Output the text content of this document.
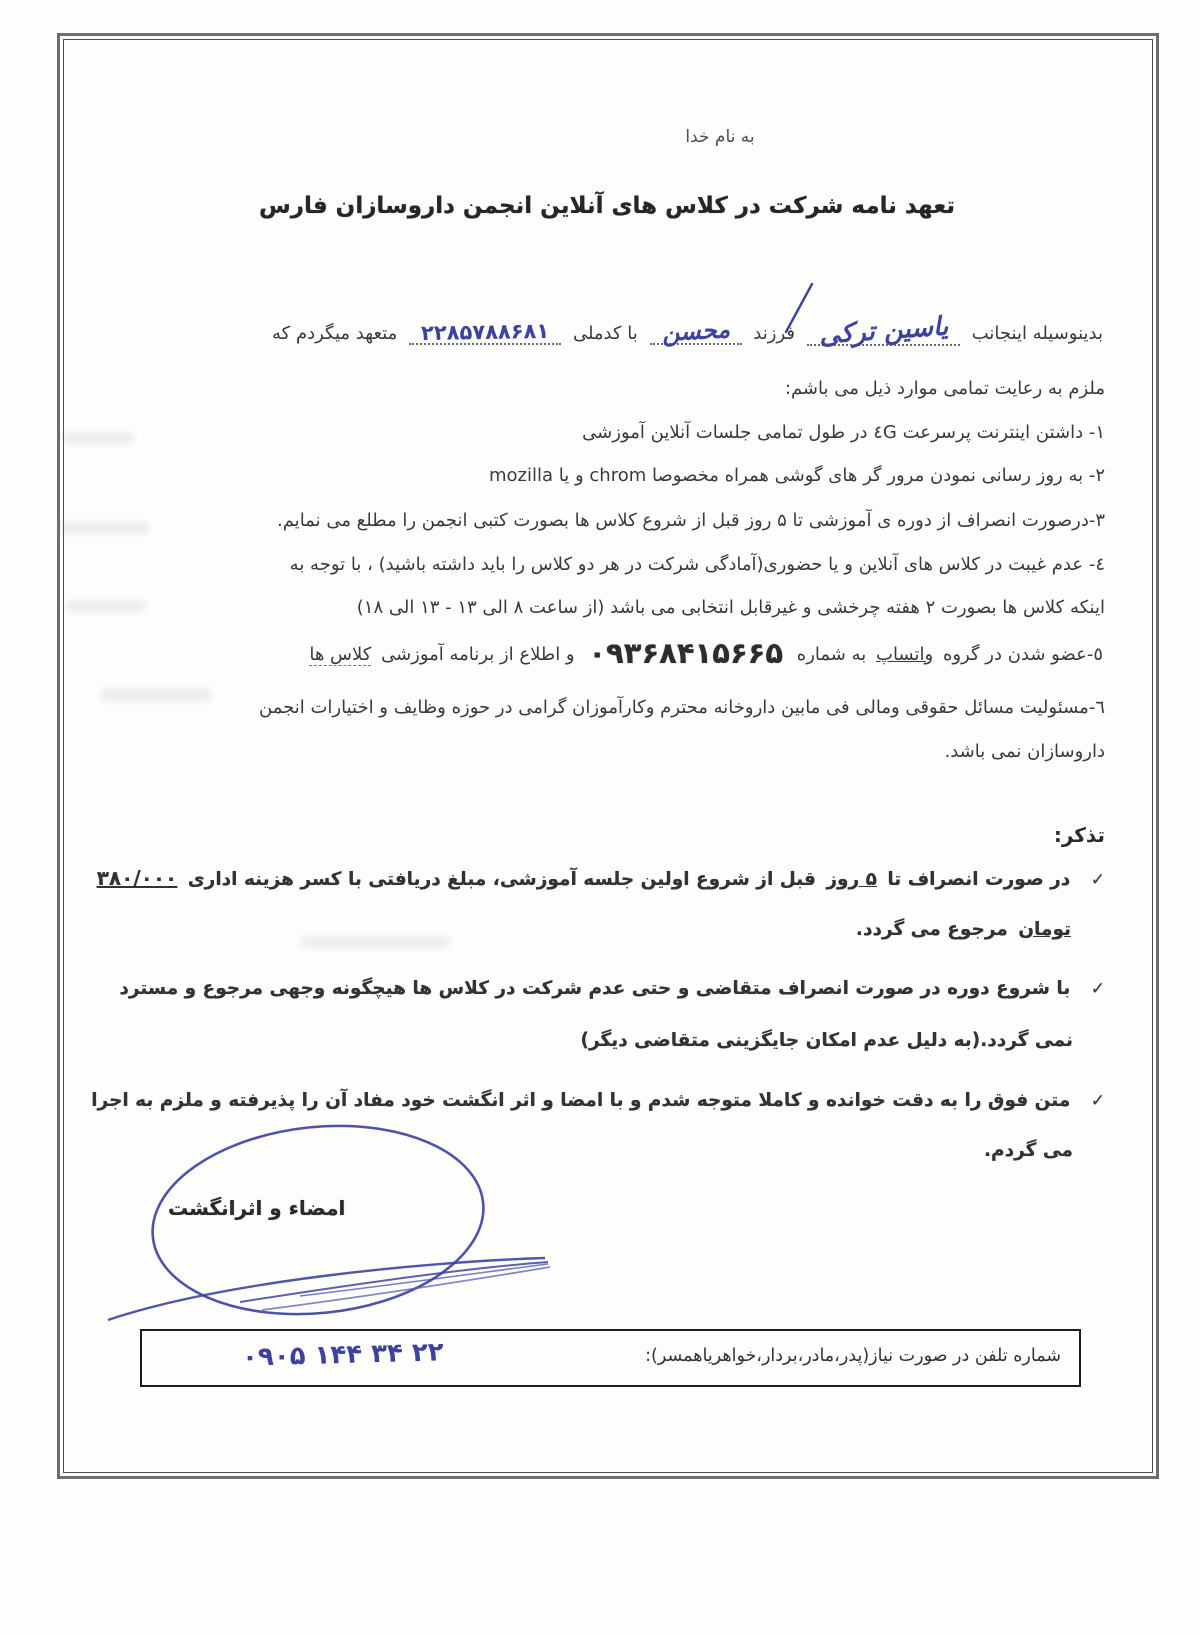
به نام خدا
تعهد نامه شرکت در کلاس های آنلاین انجمن داروسازان فارس
بدینوسیله اینجانب یاسین ترکی فرزند محسن با کدملی ۲۲۸۵۷۸۸۶۸۱ متعهد میگردم که
ملزم به رعایت تمامی موارد ذیل می باشم:
۱- داشتن اینترنت پرسرعت ٤G در طول تمامی جلسات آنلاین آموزشی
۲- به روز رسانی نمودن مرور گر های گوشی همراه مخصوصا chrom و یا mozilla
۳-درصورت انصراف از دوره ی آموزشی تا ۵ روز قبل از شروع کلاس ها بصورت کتبی انجمن را مطلع می نمایم.
٤- عدم غیبت در کلاس های آنلاین و یا حضوری(آمادگی شرکت در هر دو کلاس را باید داشته باشید) ، با توجه به
اینکه کلاس ها بصورت ۲ هفته چرخشی و غیرقابل انتخابی می باشد (از ساعت ۸ الی ۱۳ - ۱۳ الی ۱۸)
٥-عضو شدن در گروه واتساپ به شماره ۰۹۳۶۸۴۱۵۶۶۵ و اطلاع از برنامه آموزشی کلاس ها
٦-مسئولیت مسائل حقوقی ومالی فی مابین داروخانه محترم وکارآموزان گرامی در حوزه وظایف و اختیارات انجمن
داروسازان نمی باشد.
تذکر:
✓ در صورت انصراف تا ۵ روز قبل از شروع اولین جلسه آموزشی، مبلغ دریافتی با کسر هزینه اداری ۳۸۰/۰۰۰
تومان مرجوع می گردد.
✓ با شروع دوره در صورت انصراف متقاضی و حتی عدم شرکت در کلاس ها هیچگونه وجهی مرجوع و مسترد
نمی گردد.(به دلیل عدم امکان جایگزینی متقاضی دیگر)
✓ متن فوق را به دقت خوانده و کاملا متوجه شدم و با امضا و اثر انگشت خود مفاد آن را پذیرفته و ملزم به اجرا
می گردم.
امضاء و اثرانگشت
شماره تلفن در صورت نیاز(پدر،مادر،بردار،خواهریاهمسر):
۰۹۰۵ ۱۴۴ ۳۴ ۲۲
